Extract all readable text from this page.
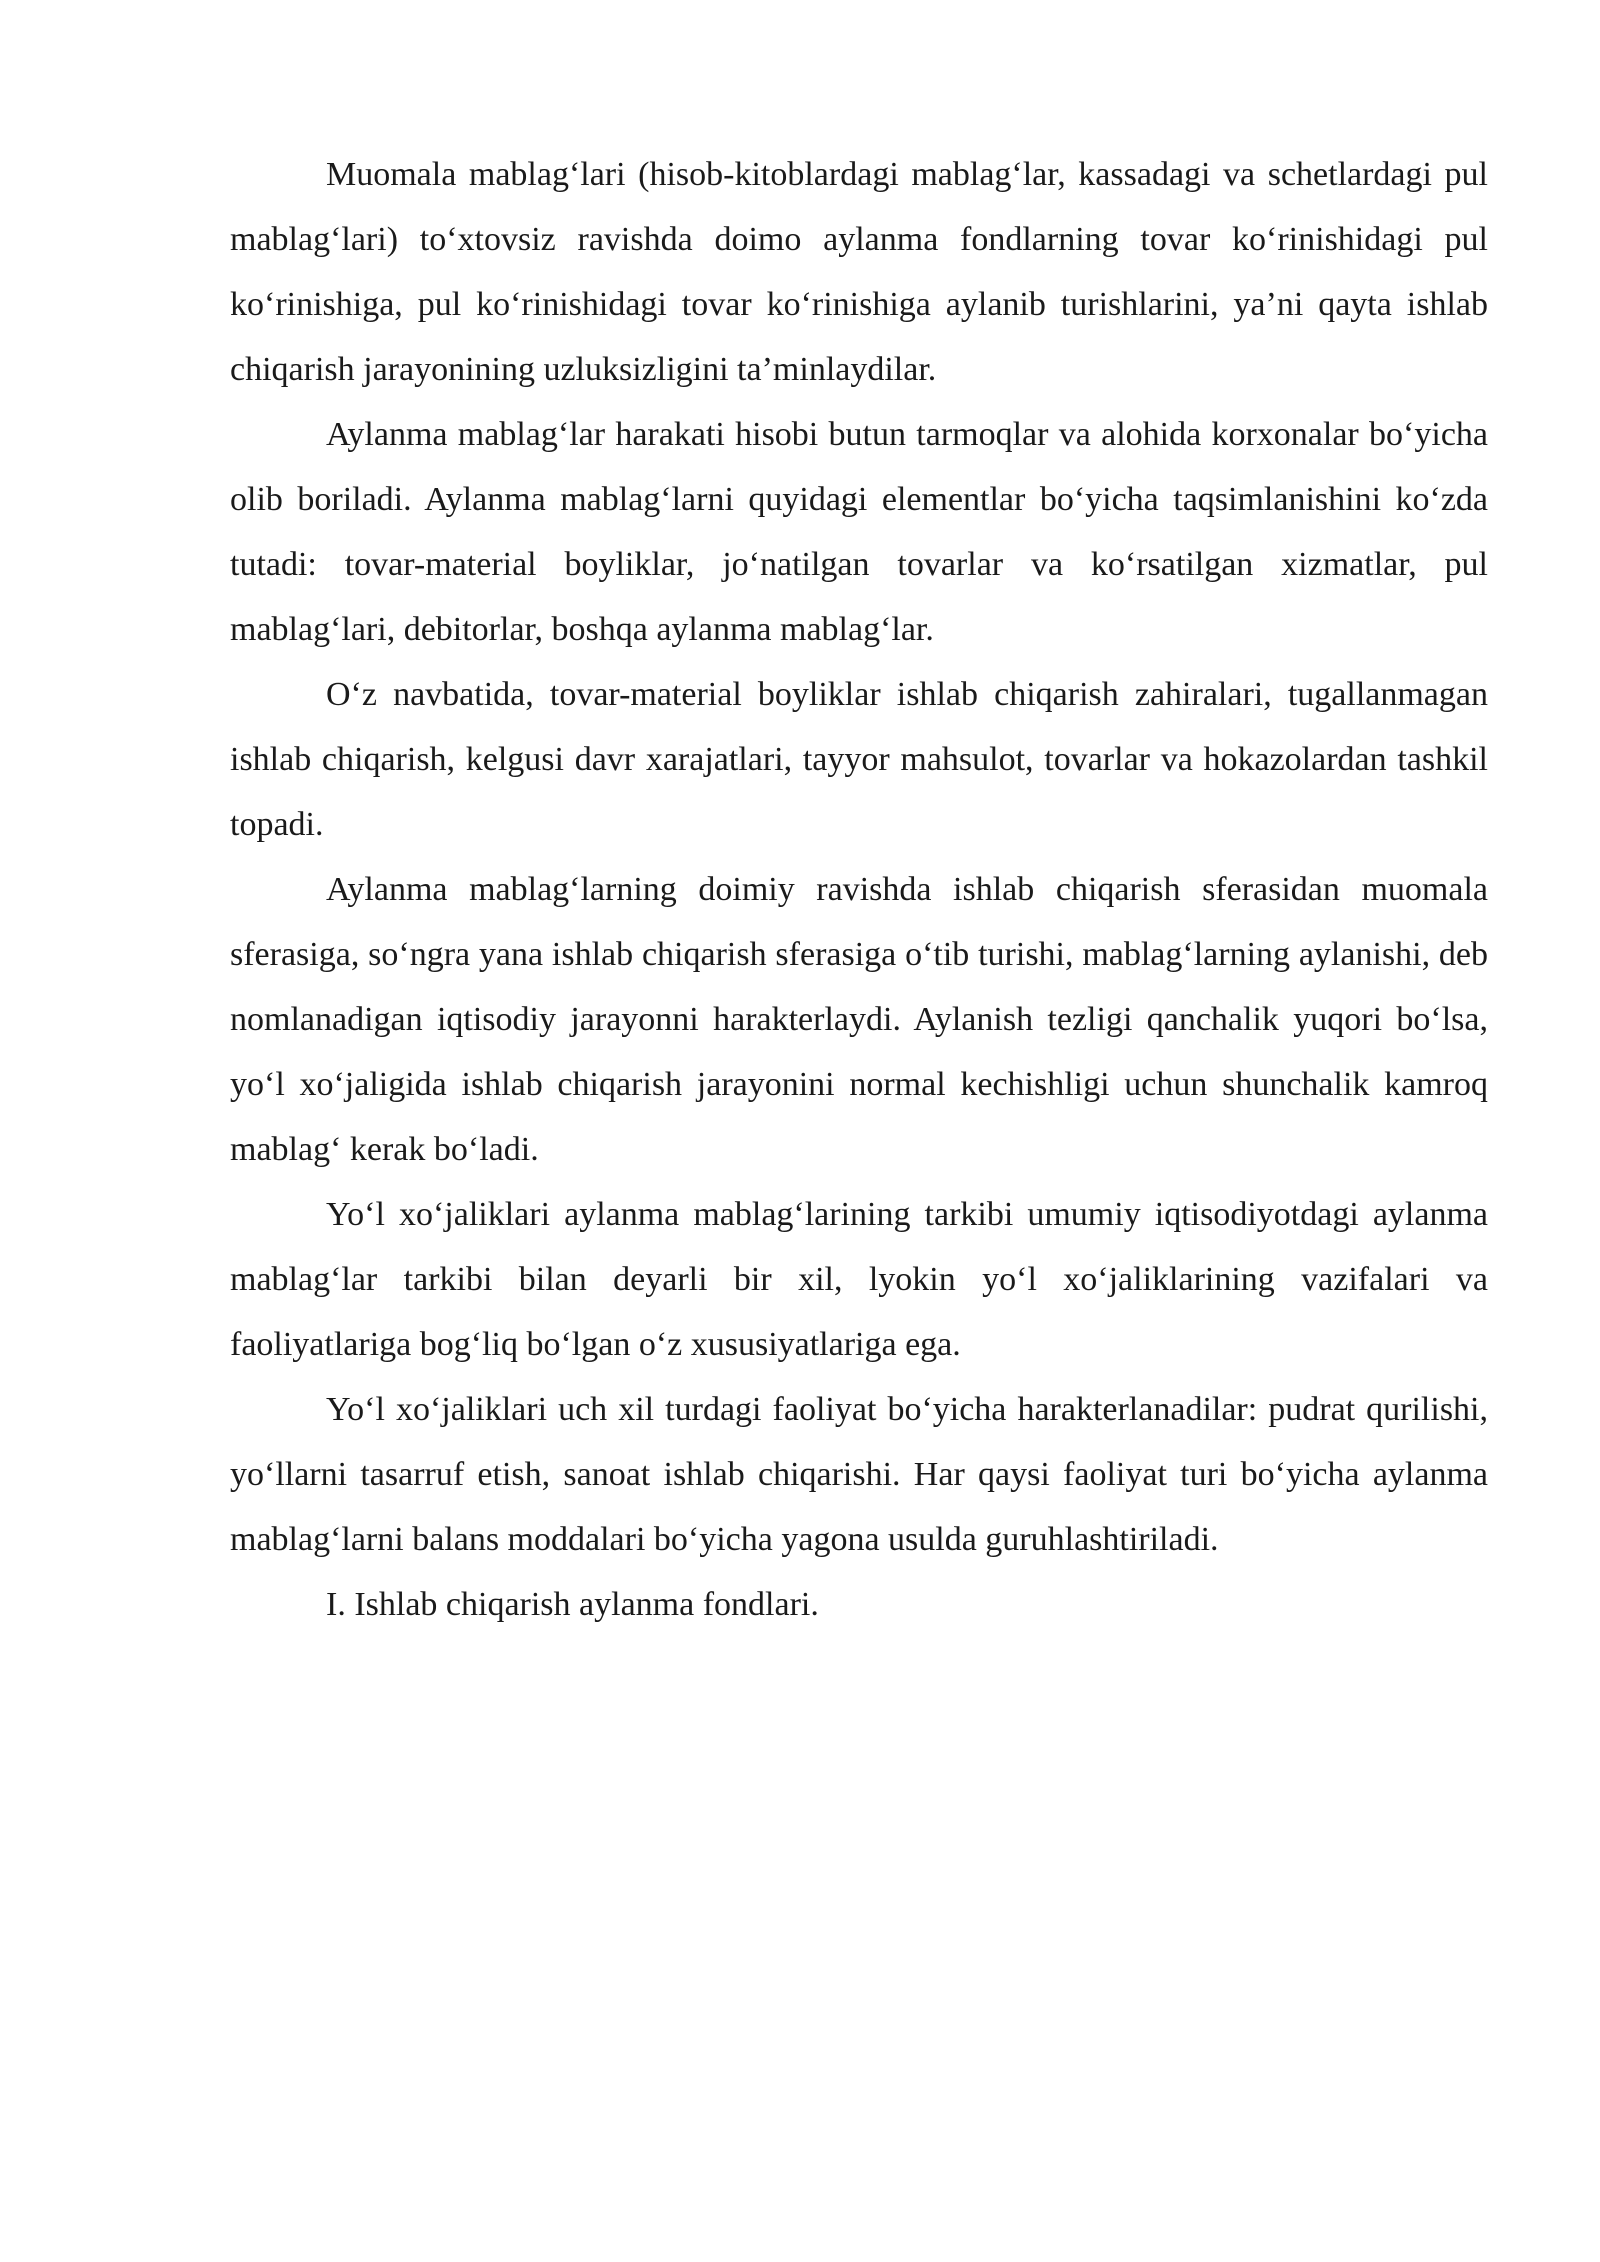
Muomala mablag‘lari (hisob-kitoblardagi mablag‘lar, kassadagi va schetlardagi pul mablag‘lari) to‘xtovsiz ravishda doimo aylanma fondlarning tovar ko‘rinishidagi pul ko‘rinishiga, pul ko‘rinishidagi tovar ko‘rinishiga aylanib turishlarini, ya’ni qayta ishlab chiqarish jarayonining uzluksizligini ta’minlaydilar.

Aylanma mablag‘lar harakati hisobi butun tarmoqlar va alohida korxonalar bo‘yicha olib boriladi. Aylanma mablag‘larni quyidagi elementlar bo‘yicha taqsimlanishini ko‘zda tutadi: tovar-material boyliklar, jo‘natilgan tovarlar va ko‘rsatilgan xizmatlar, pul mablag‘lari, debitorlar, boshqa aylanma mablag‘lar.

O‘z navbatida, tovar-material boyliklar ishlab chiqarish zahiralari, tugallanmagan ishlab chiqarish, kelgusi davr xarajatlari, tayyor mahsulot, tovarlar va hokazolardan tashkil topadi.

Aylanma mablag‘larning doimiy ravishda ishlab chiqarish sferasidan muomala sferasiga, so‘ngra yana ishlab chiqarish sferasiga o‘tib turishi, mablag‘larning aylanishi, deb nomlanadigan iqtisodiy jarayonni harakterlaydi. Aylanish tezligi qanchalik yuqori bo‘lsa, yo‘l xo‘jaligida ishlab chiqarish jarayonini normal kechishligi uchun shunchalik kamroq mablag‘ kerak bo‘ladi.

Yo‘l xo‘jaliklari aylanma mablag‘larining tarkibi umumiy iqtisodiyotdagi aylanma mablag‘lar tarkibi bilan deyarli bir xil, lyokin yo‘l xo‘jaliklarining vazifalari va faoliyatlariga bog‘liq bo‘lgan o‘z xususiyatlariga ega.

Yo‘l xo‘jaliklari uch xil turdagi faoliyat bo‘yicha harakterlanadilar: pudrat qurilishi, yo‘llarni tasarruf etish, sanoat ishlab chiqarishi. Har qaysi faoliyat turi bo‘yicha aylanma mablag‘larni balans moddalari bo‘yicha yagona usulda guruhlashtiriladi.

I. Ishlab chiqarish aylanma fondlari.
